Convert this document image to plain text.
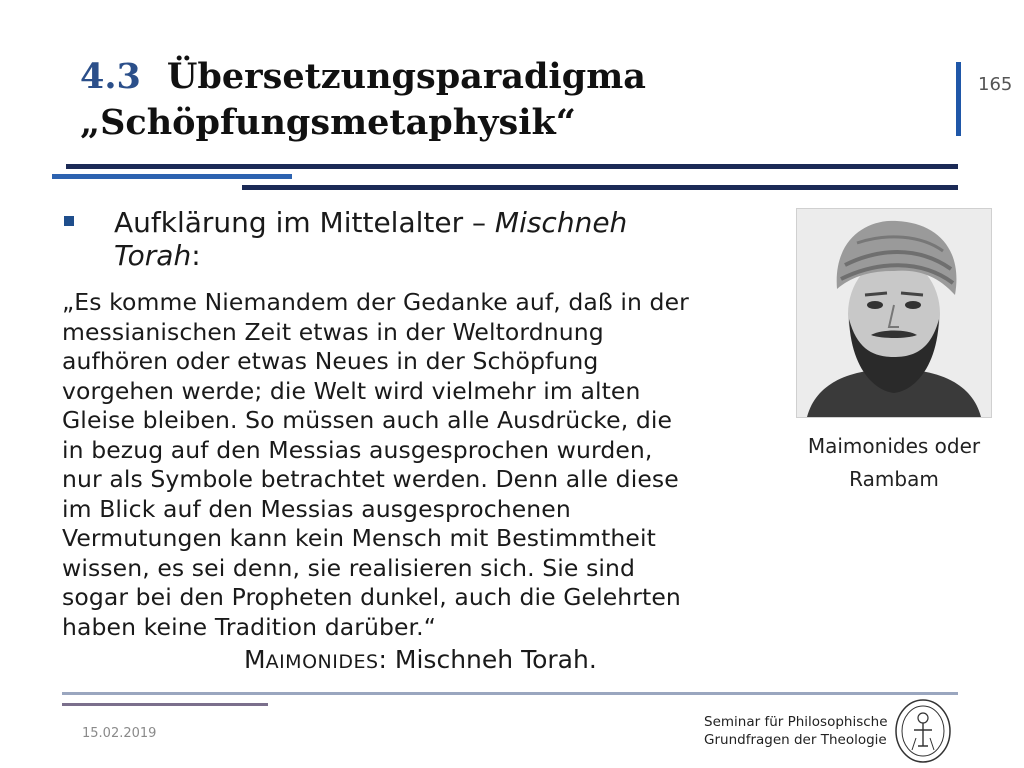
4.3 Übersetzungsparadigma
„Schöpfungsmetaphysik“
165
Aufklärung im Mittelalter – Mischneh
Torah:
„Es komme Niemandem der Gedanke auf, daß in der
messianischen Zeit etwas in der Weltordnung
aufhören oder etwas Neues in der Schöpfung
vorgehen werde; die Welt wird vielmehr im alten
Gleise bleiben. So müssen auch alle Ausdrücke, die
in bezug auf den Messias ausgesprochen wurden,
nur als Symbole betrachtet werden. Denn alle diese
im Blick auf den Messias ausgesprochenen
Vermutungen kann kein Mensch mit Bestimmtheit
wissen, es sei denn, sie realisieren sich. Sie sind
sogar bei den Propheten dunkel, auch die Gelehrten
haben keine Tradition darüber.“
MAIMONIDES: Mischneh Torah.
Maimonides oder
Rambam
15.02.2019
Seminar für Philosophische
Grundfragen der Theologie
